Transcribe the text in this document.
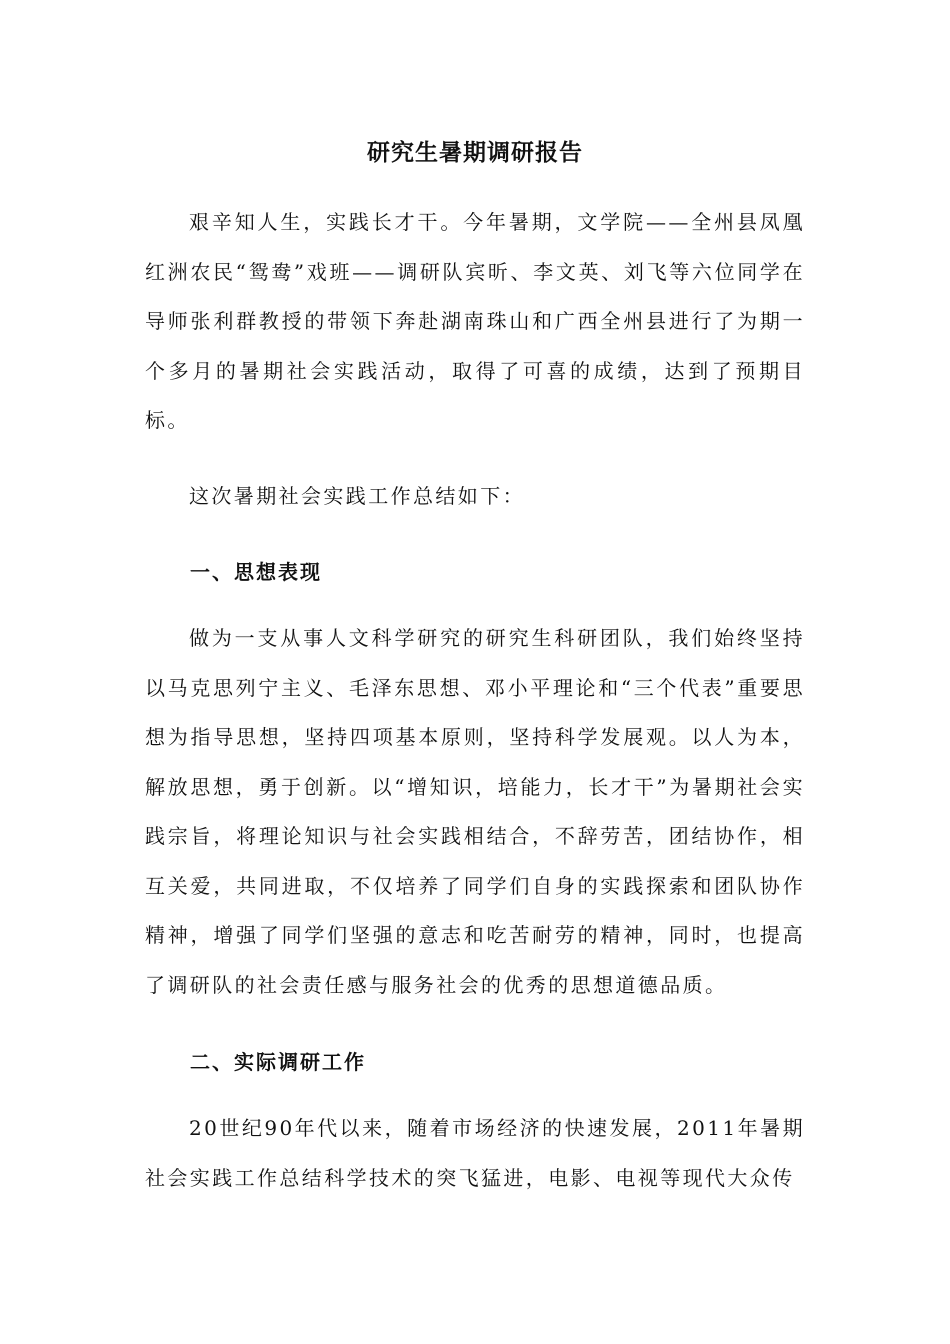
研究生暑期调研报告

艰辛知人生，实践长才干。今年暑期，文学院——全州县凤凰红洲农民“鸳鸯”戏班——调研队宾昕、李文英、刘飞等六位同学在导师张利群教授的带领下奔赴湖南珠山和广西全州县进行了为期一个多月的暑期社会实践活动，取得了可喜的成绩，达到了预期目标。

这次暑期社会实践工作总结如下：

一、思想表现

做为一支从事人文科学研究的研究生科研团队，我们始终坚持以马克思列宁主义、毛泽东思想、邓小平理论和“三个代表”重要思想为指导思想，坚持四项基本原则，坚持科学发展观。以人为本，解放思想，勇于创新。以“增知识，培能力，长才干”为暑期社会实践宗旨，将理论知识与社会实践相结合，不辞劳苦，团结协作，相互关爱，共同进取，不仅培养了同学们自身的实践探索和团队协作精神，增强了同学们坚强的意志和吃苦耐劳的精神，同时，也提高了调研队的社会责任感与服务社会的优秀的思想道德品质。

二、实际调研工作

20世纪90年代以来，随着市场经济的快速发展，2011年暑期社会实践工作总结科学技术的突飞猛进，电影、电视等现代大众传
